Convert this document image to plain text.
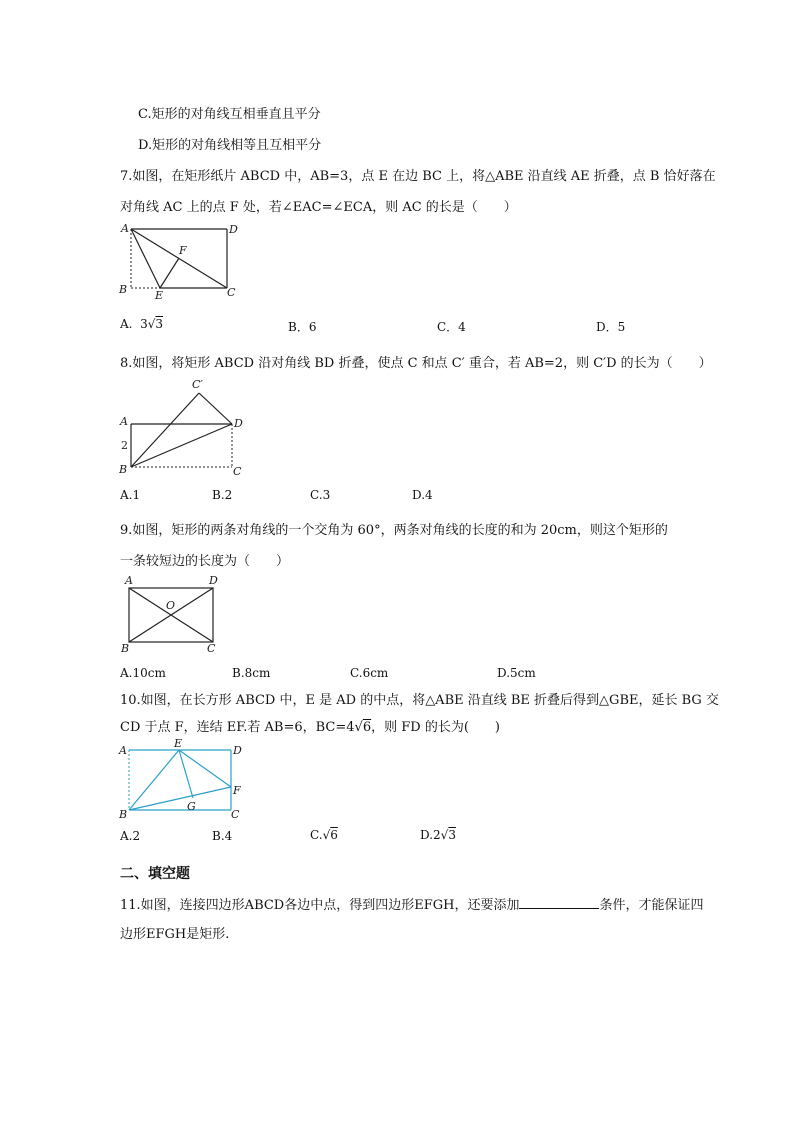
C.矩形的对角线互相垂直且平分
D.矩形的对角线相等且互相平分
7.如图，在矩形纸片 ABCD 中，AB=3，点 E 在边 BC 上，将△ABE 沿直线 AE 折叠，点 B 恰好落在
对角线 AC 上的点 F 处，若∠EAC=∠ECA，则 AC 的长是（　　）
A	D
B	C
E
F
A. 3√3	B．6	C．4	D．5
8.如图，将矩形 ABCD 沿对角线 BD 折叠，使点 C 和点 C′ 重合，若 AB=2，则 C′D 的长为（　　）
A	D
B	C
C′
2
A.1	B.2	C.3	D.4
9.如图，矩形的两条对角线的一个交角为 60°，两条对角线的长度的和为 20cm，则这个矩形的
一条较短边的长度为（　　）
A	D
B	C
O
A.10cm	B.8cm	C.6cm	D.5cm
10.如图，在长方形 ABCD 中，E 是 AD 的中点，将△ABE 沿直线 BE 折叠后得到△GBE，延长 BG 交
CD 于点 F，连结 EF.若 AB=6，BC=4√6，则 FD 的长为(　　)
A
E
D
F
B	C
G
A.2	B.4	C.√6	D.2√3
二、填空题
11.如图，连接四边形ABCD各边中点，得到四边形EFGH，还要添加	条件，才能保证四
边形EFGH是矩形.
